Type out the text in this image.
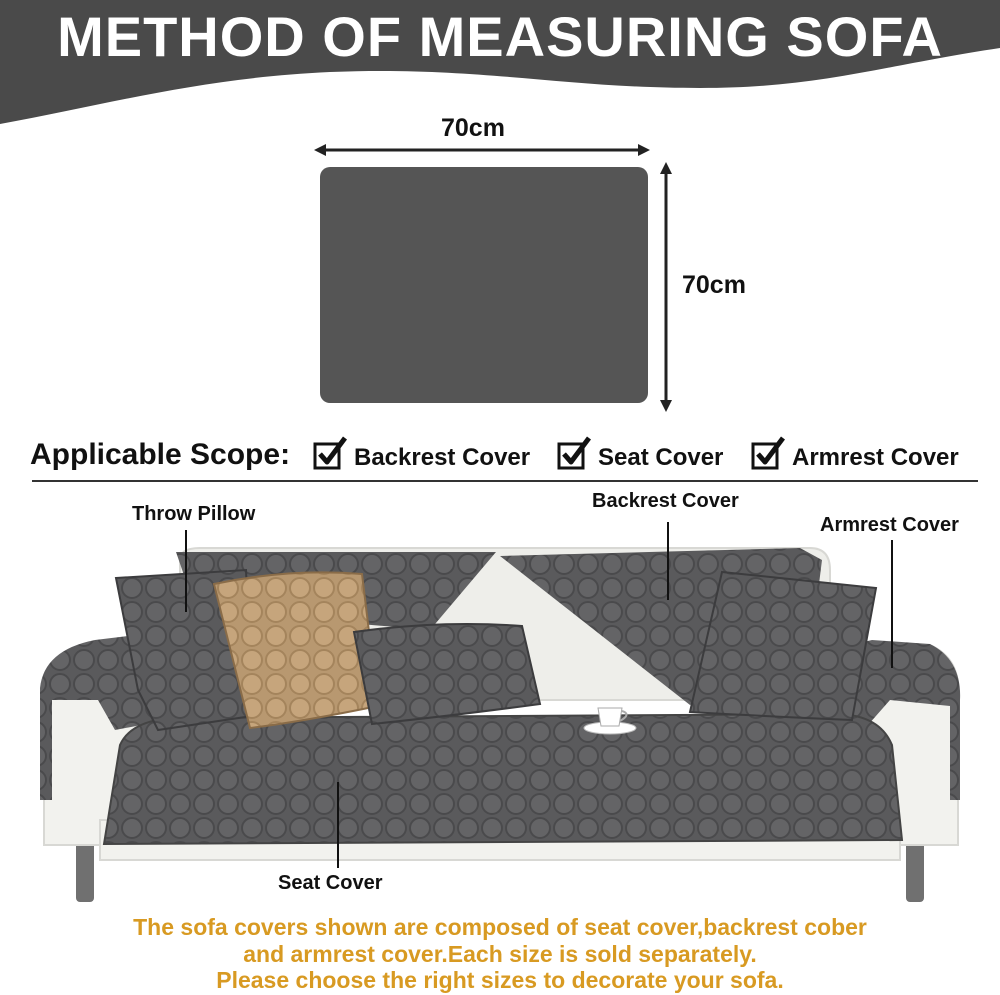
METHOD OF MEASURING SOFA
70cm
70cm
Applicable Scope:	Backrest Cover	Seat Cover	Armrest Cover
Throw Pillow
Backrest Cover
Armrest Cover
Seat Cover
The sofa covers shown are composed of seat cover,backrest cober
and armrest cover.Each size is sold separately.
Please choose the right sizes to decorate your sofa.
